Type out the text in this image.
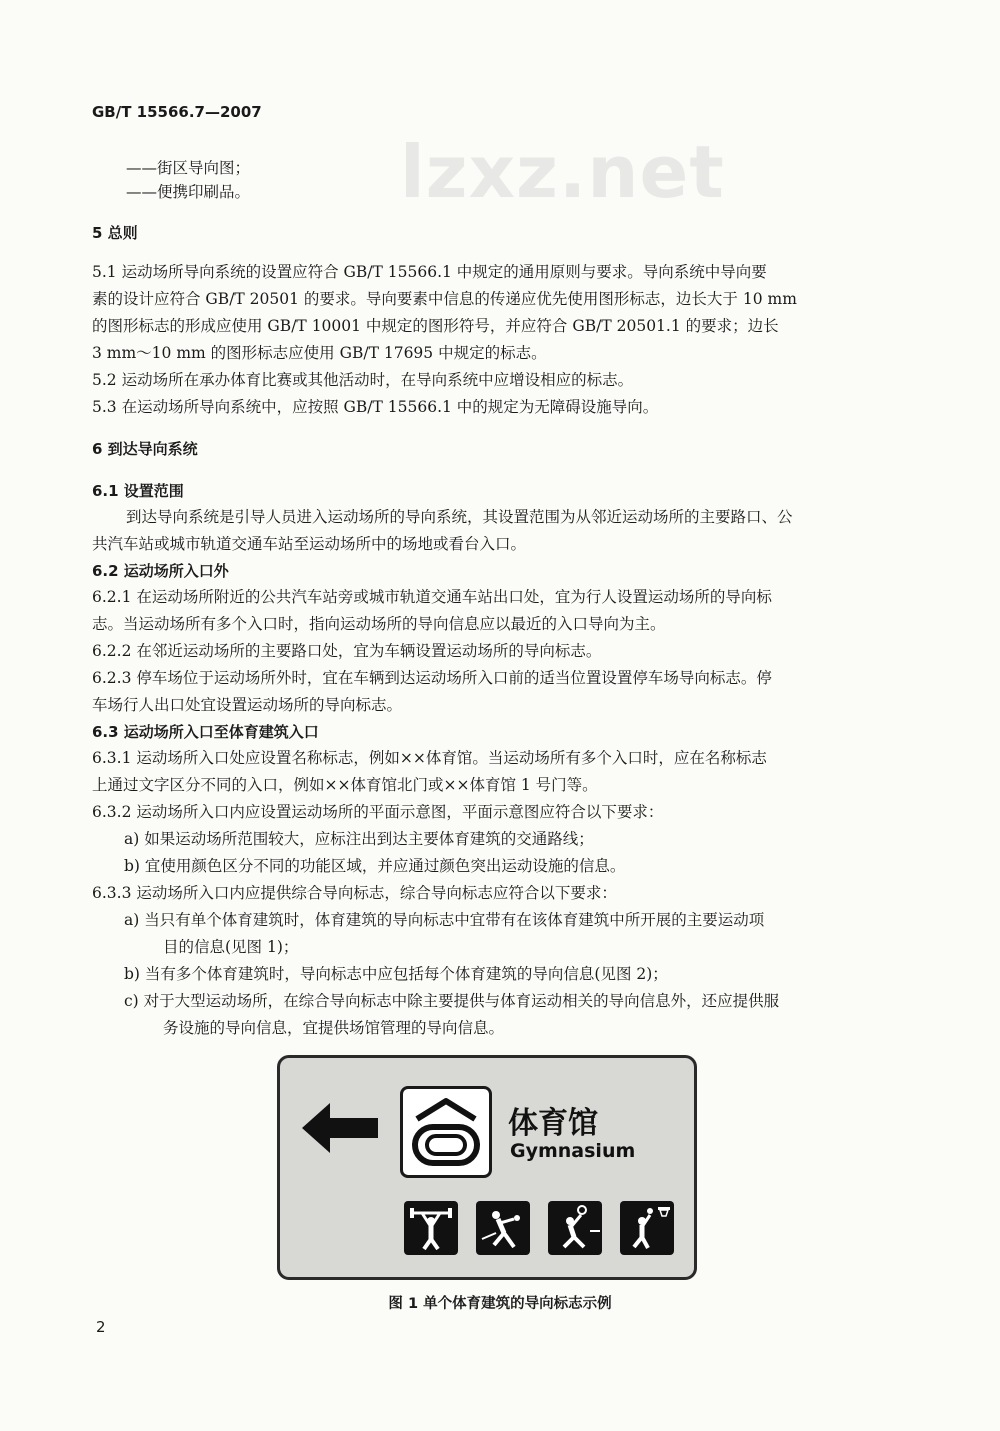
GB/T 15566.7—2007
lzxz.net
——街区导向图；
——便携印刷品。
5 总则
5.1 运动场所导向系统的设置应符合 GB/T 15566.1 中规定的通用原则与要求。导向系统中导向要
素的设计应符合 GB/T 20501 的要求。导向要素中信息的传递应优先使用图形标志，边长大于 10 mm
的图形标志的形成应使用 GB/T 10001 中规定的图形符号，并应符合 GB/T 20501.1 的要求；边长
3 mm～10 mm 的图形标志应使用 GB/T 17695 中规定的标志。
5.2 运动场所在承办体育比赛或其他活动时，在导向系统中应增设相应的标志。
5.3 在运动场所导向系统中，应按照 GB/T 15566.1 中的规定为无障碍设施导向。
6 到达导向系统
6.1 设置范围
到达导向系统是引导人员进入运动场所的导向系统，其设置范围为从邻近运动场所的主要路口、公
共汽车站或城市轨道交通车站至运动场所中的场地或看台入口。
6.2 运动场所入口外
6.2.1 在运动场所附近的公共汽车站旁或城市轨道交通车站出口处，宜为行人设置运动场所的导向标
志。当运动场所有多个入口时，指向运动场所的导向信息应以最近的入口导向为主。
6.2.2 在邻近运动场所的主要路口处，宜为车辆设置运动场所的导向标志。
6.2.3 停车场位于运动场所外时，宜在车辆到达运动场所入口前的适当位置设置停车场导向标志。停
车场行人出口处宜设置运动场所的导向标志。
6.3 运动场所入口至体育建筑入口
6.3.1 运动场所入口处应设置名称标志，例如××体育馆。当运动场所有多个入口时，应在名称标志
上通过文字区分不同的入口，例如××体育馆北门或××体育馆 1 号门等。
6.3.2 运动场所入口内应设置运动场所的平面示意图，平面示意图应符合以下要求：
a) 如果运动场所范围较大，应标注出到达主要体育建筑的交通路线；
b) 宜使用颜色区分不同的功能区域，并应通过颜色突出运动设施的信息。
6.3.3 运动场所入口内应提供综合导向标志，综合导向标志应符合以下要求：
a) 当只有单个体育建筑时，体育建筑的导向标志中宜带有在该体育建筑中所开展的主要运动项
目的信息(见图 1)；
b) 当有多个体育建筑时，导向标志中应包括每个体育建筑的导向信息(见图 2)；
c) 对于大型运动场所，在综合导向标志中除主要提供与体育运动相关的导向信息外，还应提供服
务设施的导向信息，宜提供场馆管理的导向信息。
体育馆
Gymnasium
图 1 单个体育建筑的导向标志示例
2
